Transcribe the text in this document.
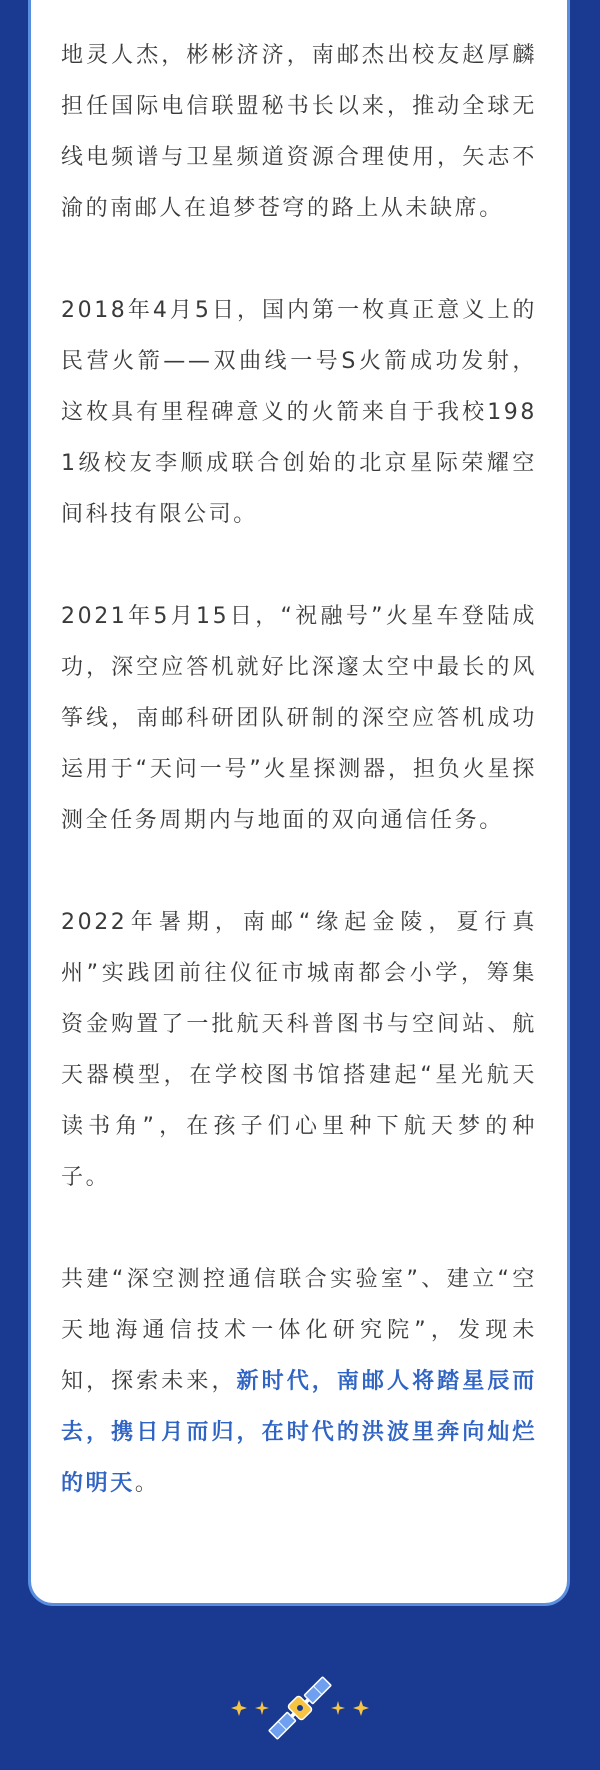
地灵人杰，彬彬济济，南邮杰出校友赵厚麟担任国际电信联盟秘书长以来，推动全球无线电频谱与卫星频道资源合理使用，矢志不渝的南邮人在追梦苍穹的路上从未缺席。

2018年4月5日，国内第一枚真正意义上的民营火箭——双曲线一号S火箭成功发射，这枚具有里程碑意义的火箭来自于我校1981级校友李顺成联合创始的北京星际荣耀空间科技有限公司。

2021年5月15日，“祝融号”火星车登陆成功，深空应答机就好比深邃太空中最长的风筝线，南邮科研团队研制的深空应答机成功运用于“天问一号”火星探测器，担负火星探测全任务周期内与地面的双向通信任务。

2022年暑期，南邮“缘起金陵，夏行真州”实践团前往仪征市城南都会小学，筹集资金购置了一批航天科普图书与空间站、航天器模型，在学校图书馆搭建起“星光航天读书角”，在孩子们心里种下航天梦的种子。

共建“深空测控通信联合实验室”、建立“空天地海通信技术一体化研究院”，发现未知，探索未来，新时代，南邮人将踏星辰而去，携日月而归，在时代的洪波里奔向灿烂的明天。
